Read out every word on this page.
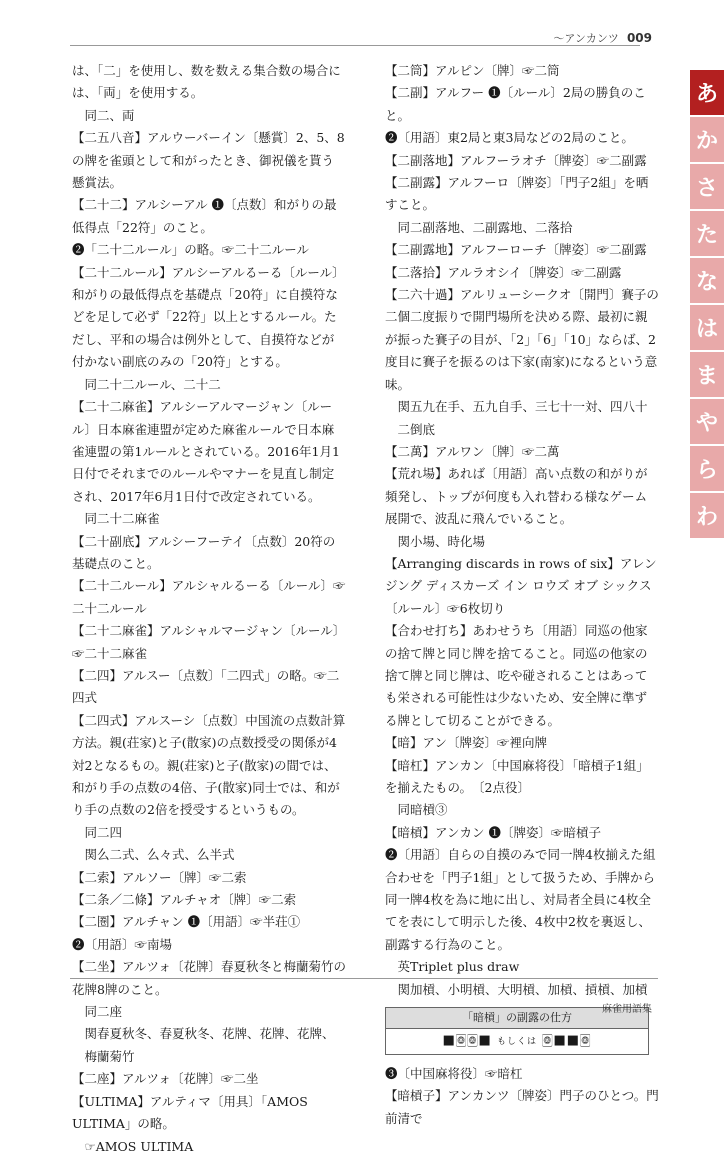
～アンカンツ 009
あ
か
さ
た
な
は
ま
や
ら
わ

は、「二」を使用し、数を数える集合数の場合には、「両」を使用する。

同二、両

【二五八音】アルウーバーイン〔懸賞〕2、5、8の牌を雀頭として和がったとき、御祝儀を貰う懸賞法。

【二十二】アルシーアル ❶〔点数〕和がりの最低得点「22符」のこと。

❷「二十二ルール」の略。☞二十二ルール

【二十二ルール】アルシーアルるーる〔ルール〕和がりの最低得点を基礎点「20符」に自摸符などを足して必ず「22符」以上とするルール。ただし、平和の場合は例外として、自摸符などが付かない副底のみの「20符」とする。

同二十二ルール、二十二

【二十二麻雀】アルシーアルマージャン〔ルール〕日本麻雀連盟が定めた麻雀ルールで日本麻雀連盟の第1ルールとされている。2016年1月1日付でそれまでのルールやマナーを見直し制定され、2017年6月1日付で改定されている。

同二十二麻雀

【二十副底】アルシーフーテイ〔点数〕20符の基礎点のこと。

【二十二ルール】アルシャルるーる〔ルール〕☞二十二ルール

【二十二麻雀】アルシャルマージャン〔ルール〕☞二十二麻雀

【二四】アルスー〔点数〕「二四式」の略。☞二四式

【二四式】アルスーシ〔点数〕中国流の点数計算方法。親(荘家)と子(散家)の点数授受の関係が4対2となるもの。親(荘家)と子(散家)の間では、和がり手の点数の4倍、子(散家)同士では、和がり手の点数の2倍を授受するというもの。

同二四

関么二式、么々式、么半式

【二索】アルソー〔牌〕☞二索

【二条／二條】アルチャオ〔牌〕☞二索

【二圏】アルチャン ❶〔用語〕☞半荘①

❷〔用語〕☞南場

【二坐】アルツォ〔花牌〕春夏秋冬と梅蘭菊竹の花牌8牌のこと。

同二座

関春夏秋冬、春夏秋冬、花牌、花牌、花牌、梅蘭菊竹

【二座】アルツォ〔花牌〕☞二坐

【ULTIMA】アルティマ〔用具〕「AMOS ULTIMA」の略。

☞AMOS ULTIMA

【二筒】アルピン〔牌〕☞二筒

【二副】アルフー ❶〔ルール〕2局の勝負のこと。

❷〔用語〕東2局と東3局などの2局のこと。

【二副落地】アルフーラオチ〔牌姿〕☞二副露

【二副露】アルフーロ〔牌姿〕「門子2組」を晒すこと。

同二副落地、二副露地、二落拾

【二副露地】アルフーローチ〔牌姿〕☞二副露

【二落拾】アルラオシイ〔牌姿〕☞二副露

【二六十過】アルリューシークオ〔開門〕賽子の二個二度振りで開門場所を決める際、最初に親が振った賽子の目が、「2」「6」「10」ならば、2度目に賽子を振るのは下家(南家)になるという意味。

関五九在手、五九自手、三七十一対、四八十二倒底

【二萬】アルワン〔牌〕☞二萬

【荒れ場】あれば〔用語〕高い点数の和がりが頻発し、トップが何度も入れ替わる様なゲーム展開で、波乱に飛んでいること。

関小場、時化場

【Arranging discards in rows of six】アレンジング ディスカーズ イン ロウズ オブ シックス〔ルール〕☞6枚切り

【合わせ打ち】あわせうち〔用語〕同巡の他家の捨て牌と同じ牌を捨てること。同巡の他家の捨て牌と同じ牌は、吃や碰されることはあっても栄される可能性は少ないため、安全牌に準ずる牌として切ることができる。

【暗】アン〔牌姿〕☞裡向牌

【暗杠】アンカン〔中国麻将役〕「暗槓子1組」を揃えたもの。　〔2点役〕

同暗槓③

【暗槓】アンカン ❶〔牌姿〕☞暗槓子

❷〔用語〕自らの自摸のみで同一牌4枚揃えた組合わせを「門子1組」として扱うため、手牌から同一牌4枚を為に地に出し、対局者全員に4枚全てを表にして明示した後、4枚中2枚を裏返し、副露する行為のこと。

英Triplet plus draw

関加槓、小明槓、大明槓、加槓、摃槓、加槓

「暗槓」の副露の仕方
■🀙🀙■ もしくは 🀙■■🀙

❸〔中国麻将役〕☞暗杠

【暗槓子】アンカンツ〔牌姿〕門子のひとつ。門前清で

麻雀用語集
